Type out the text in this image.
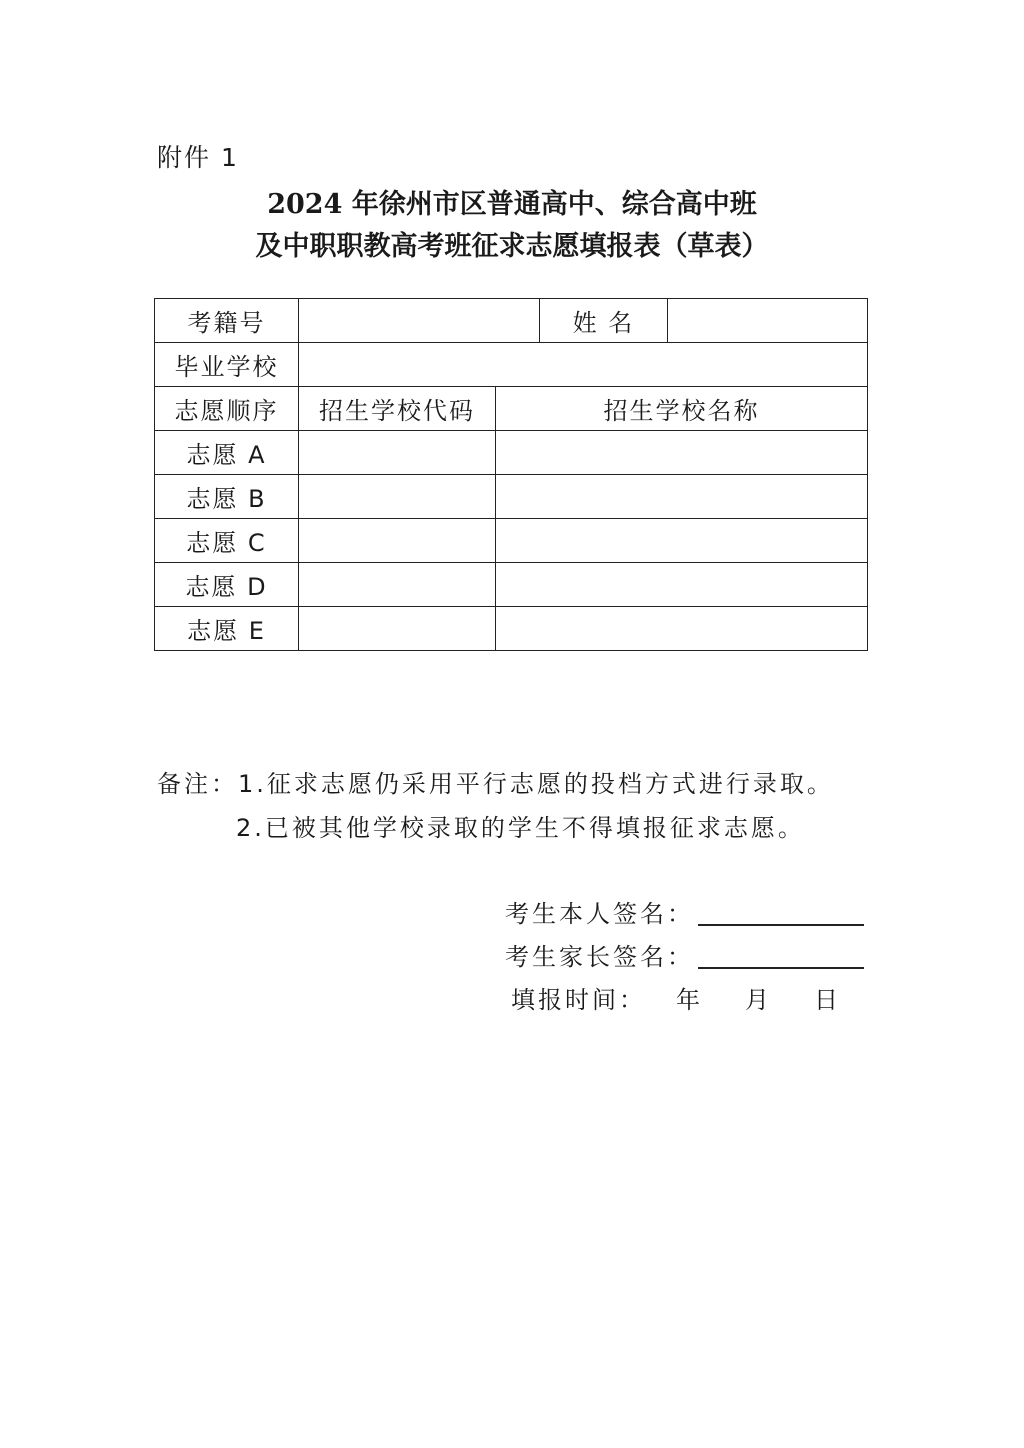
附件 1
2024 年徐州市区普通高中、综合高中班
及中职职教高考班征求志愿填报表（草表）
考籍号			姓 名	
毕业学校				
志愿顺序	招生学校代码	招生学校名称		
志愿 A				
志愿 B				
志愿 C				
志愿 D				
志愿 E				
备注：1.征求志愿仍采用平行志愿的投档方式进行录取。
2.已被其他学校录取的学生不得填报征求志愿。
考生本人签名：
考生家长签名：
填报时间： 年 月 日
